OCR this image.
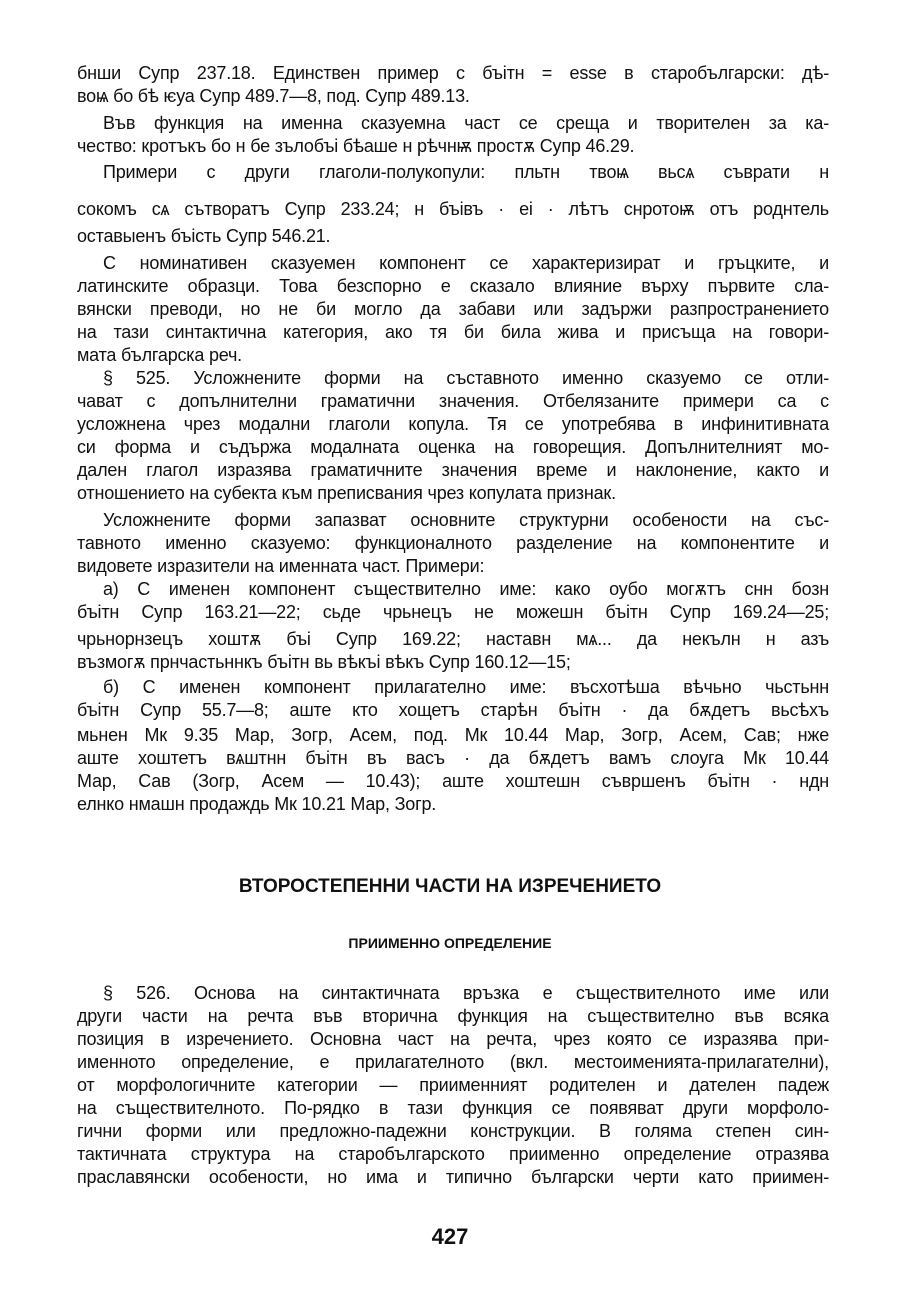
бнши Супр 237.18. Единствен пример с бъітн = esse в старобългарски: дѣ-
воѩ бо бѣ ѥуа Супр 489.7—8, под. Супр 489.13.
Във функция на именна сказуемна част се среща и творителен за ка-
чество: кротъкъ бо н бе зълобъі бѣаше н рѣчнѭ простѫ Супр 46.29.
Примери с други глаголи-полукопули: пльтн твоѩ вьсѧ съврати н
сокомъ сѧ сътворатъ Супр 233.24; н бъівъ · еі · лѣтъ снротоѭ отъ роднтель
оставыенъ бъість Супр 546.21.
С номинативен сказуемен компонент се характеризират и гръцките, и
латинските образци. Това безспорно е сказало влияние върху първите сла-
вянски преводи, но не би могло да забави или задържи разпространението
на тази синтактична категория, ако тя би била жива и присъща на говори-
мата българска реч.
§ 525. Усложнените форми на съставното именно сказуемо се отли-
чават с допълнителни граматични значения. Отбелязаните примери са с
усложнена чрез модални глаголи копула. Тя се употребява в инфинитивната
си форма и съдържа модалната оценка на говорещия. Допълнителният мо-
дален глагол изразява граматичните значения време и наклонение, както и
отношението на субекта към преписвания чрез копулата признак.
Усложнените форми запазват основните структурни особености на със-
тавното именно сказуемо: функционалното разделение на компонентите и
видовете изразители на именната част. Примери:
а) С именен компонент съществително име: како оубо могѫтъ снн бозн
бъітн Супр 163.21—22; сьде чрьнецъ не можешн бъітн Супр 169.24—25;
чрьнорнзецъ хоштѫ бъі Супр 169.22; наставн мѧ... да некълн н азъ
възмогѫ прнчастьннкъ бъітн вь вѣкъі вѣкъ Супр 160.12—15;
б) С именен компонент прилагателно име: въсхотѣша вѣчьно чьстьнн
бъітн Супр 55.7—8; аште кто хощетъ старѣн бъітн · да бѫдетъ вьсѣхъ
мьнен Мк 9.35 Мар, Зогр, Асем, под. Мк 10.44 Мар, Зогр, Асем, Сав; нже
аште хоштетъ вѧштнн бъітн въ васъ · да бѫдетъ вамъ слоуга Мк 10.44
Мар, Сав (Зогр, Асем — 10.43); аште хоштешн съвршенъ бъітн · ндн
елнко нмашн продаждь Мк 10.21 Мар, Зогр.
§ 526. Основа на синтактичната връзка е съществителното име или
други части на речта във вторична функция на съществително във всяка
позиция в изречението. Основна част на речта, чрез която се изразява при-
именното определение, е прилагателното (вкл. местоименията-прилагателни),
от морфологичните категории — приименният родителен и дателен падеж
на съществителното. По-рядко в тази функция се появяват други морфоло-
гични форми или предложно-падежни конструкции. В голяма степен син-
тактичната структура на старобългарското приименно определение отразява
праславянски особености, но има и типично български черти като приимен-
ВТОРОСТЕПЕННИ ЧАСТИ НА ИЗРЕЧЕНИЕТО
ПРИИМЕННО ОПРЕДЕЛЕНИЕ
427
